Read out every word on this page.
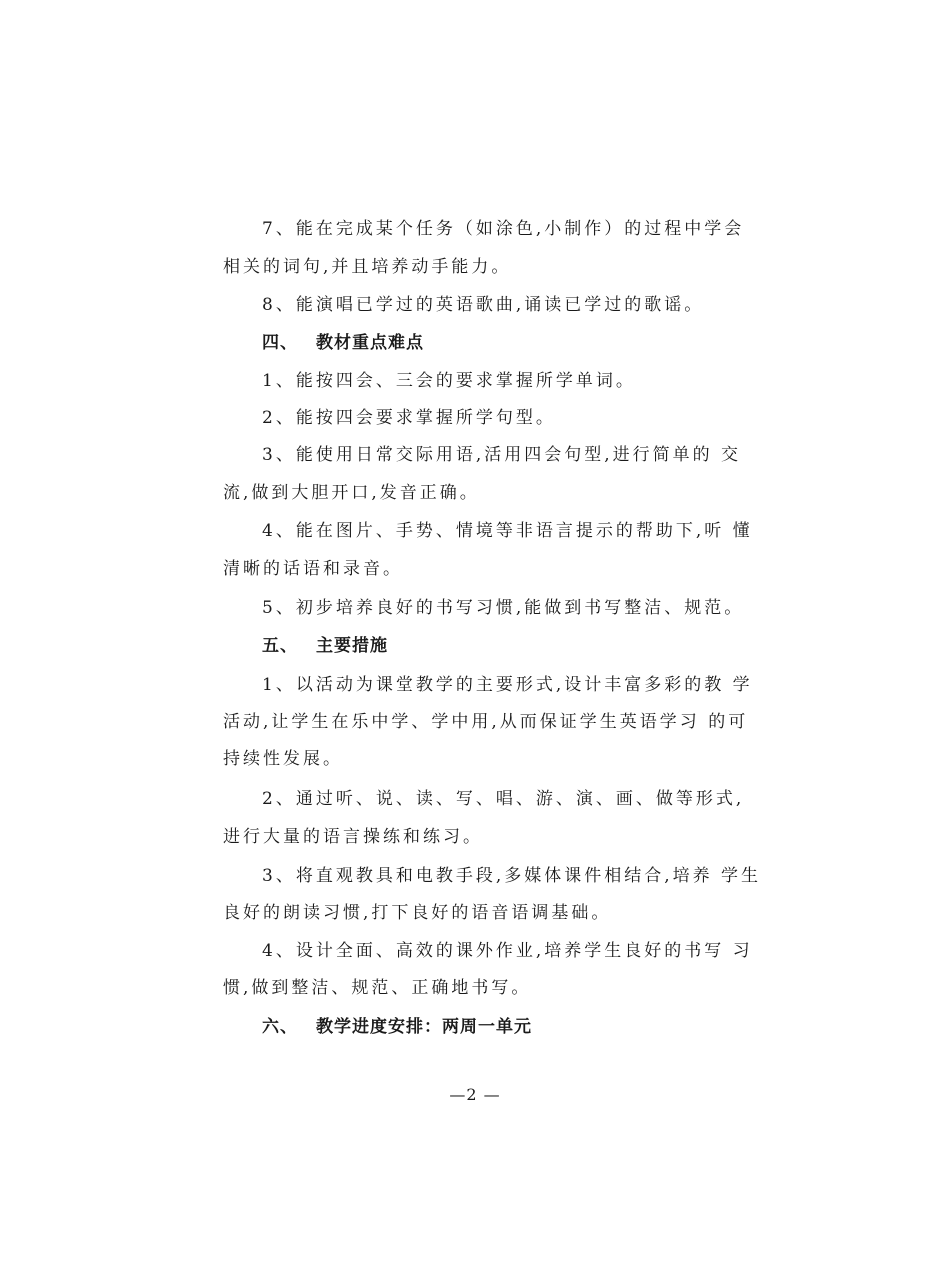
7、能在完成某个任务（如涂色,小制作）的过程中学会
相关的词句,并且培养动手能力。
8、能演唱已学过的英语歌曲,诵读已学过的歌谣。
四、 教材重点难点
1、能按四会、三会的要求掌握所学单词。
2、能按四会要求掌握所学句型。
3、能使用日常交际用语,活用四会句型,进行简单的 交
流,做到大胆开口,发音正确。
4、能在图片、手势、情境等非语言提示的帮助下,听 懂
清晰的话语和录音。
5、初步培养良好的书写习惯,能做到书写整洁、规范。
五、 主要措施
1、以活动为课堂教学的主要形式,设计丰富多彩的教 学
活动,让学生在乐中学、学中用,从而保证学生英语学习 的可
持续性发展。
2、通过听、说、读、写、唱、游、演、画、做等形式,
进行大量的语言操练和练习。
3、将直观教具和电教手段,多媒体课件相结合,培养 学生
良好的朗读习惯,打下良好的语音语调基础。
4、设计全面、高效的课外作业,培养学生良好的书写 习
惯,做到整洁、规范、正确地书写。
六、 教学进度安排：两周一单元
—2 —
